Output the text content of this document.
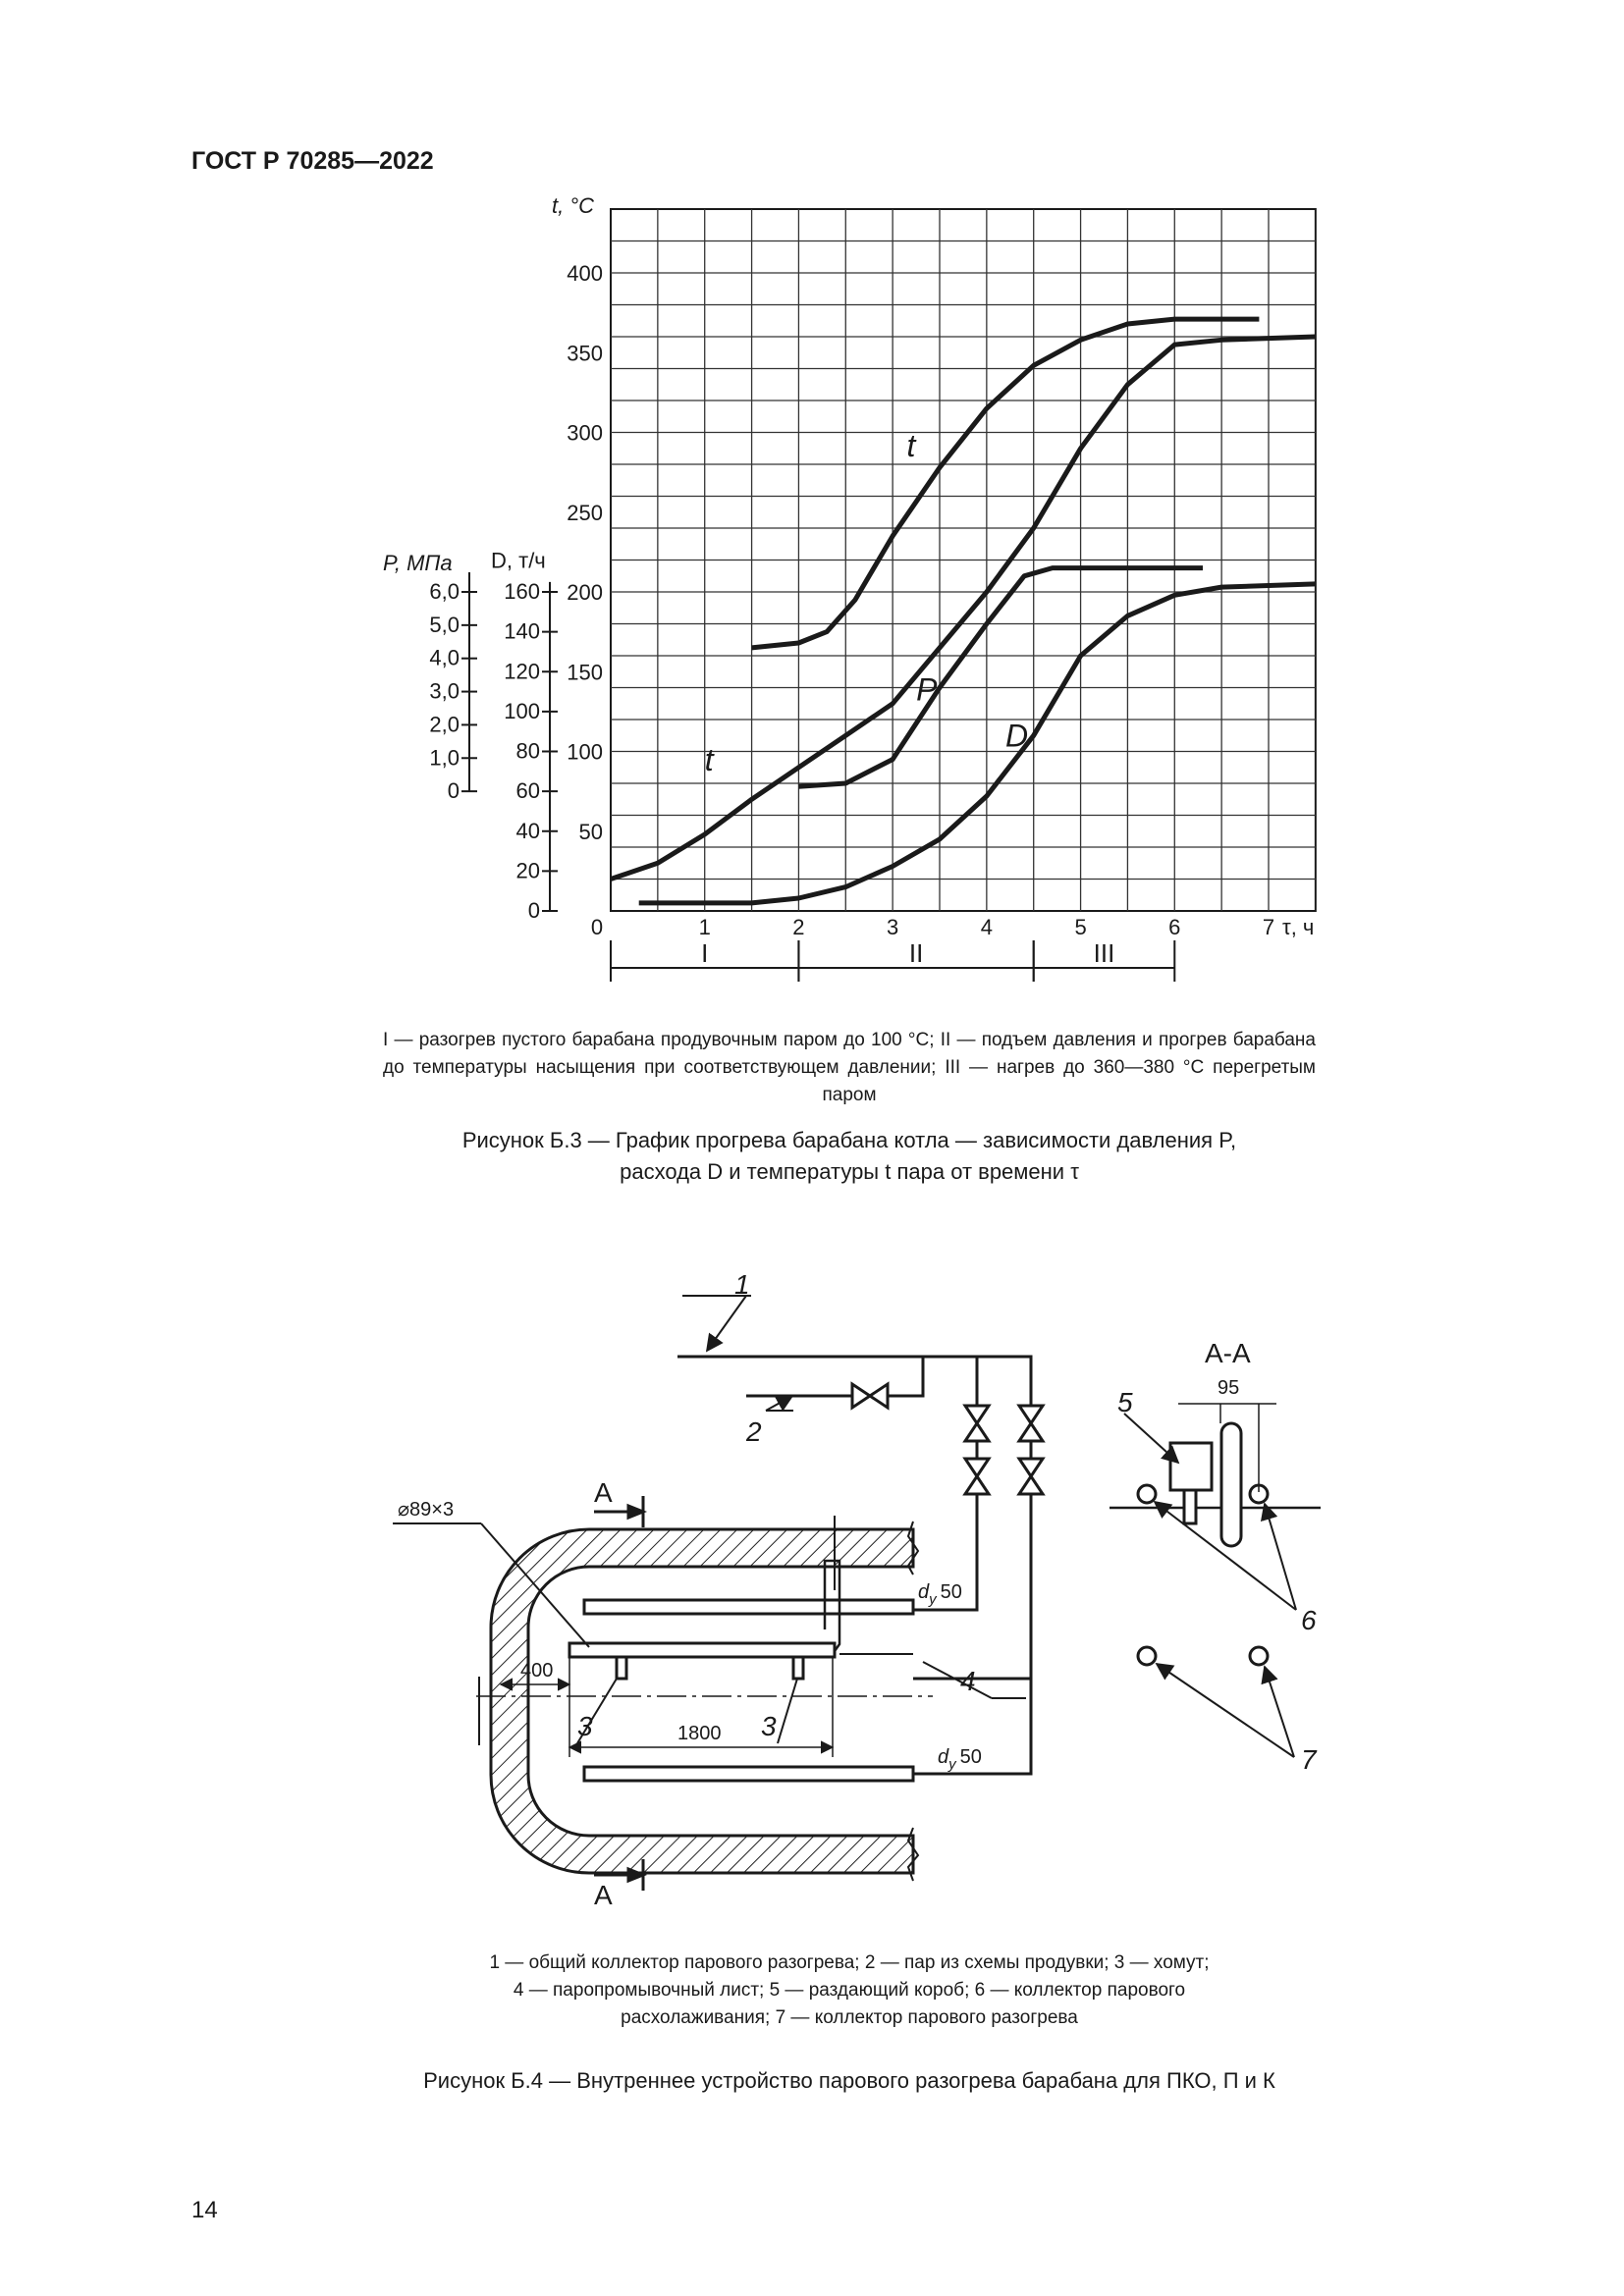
ГОСТ Р 70285—2022
400
350
300
250
200
150
100
50
t, °C
0	1	2	3	4	5	6	7 τ, ч
160
140
120
100
80
60
40
20
0
D, т/ч
6,0
5,0
4,0
3,0
2,0
1,0
0
P, МПа
t
t
P
D
I	II	III
I — разогрев пустого барабана продувочным паром до 100 °C; II — подъем давления и прогрев барабана до температуры насыщения при соответствующем давлении; III — нагрев до 360—380 °C перегретым паром
Рисунок Б.3 — График прогрева барабана котла — зависимости давления P,
расхода D и температуры t пара от времени τ
1
2
3	3
4
5
6
7
A
A
A-A
95
400
1800
⌀89×3
$d_у$ 50
$d_у$ 50
1 — общий коллектор парового разогрева; 2 — пар из схемы продувки; 3 — хомут;
4 — паропромывочный лист; 5 — раздающий короб; 6 — коллектор парового
расхолаживания; 7 — коллектор парового разогрева
Рисунок Б.4 — Внутреннее устройство парового разогрева барабана для ПКО, П и К
14
